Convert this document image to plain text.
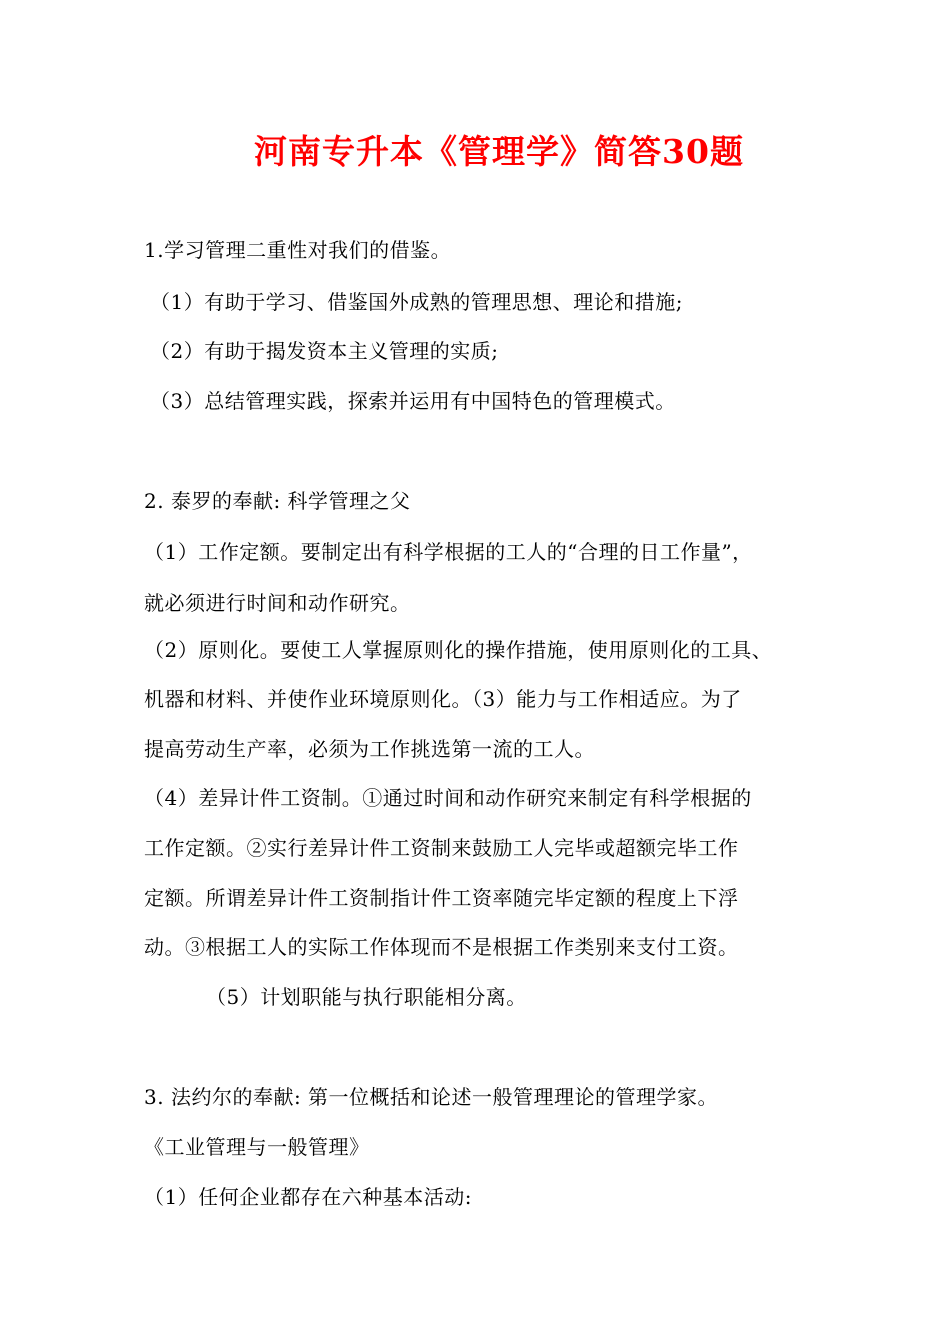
河南专升本《管理学》简答30题
1.学习管理二重性对我们的借鉴。
（1）有助于学习、借鉴国外成熟的管理思想、理论和措施;
（2）有助于揭发资本主义管理的实质;
（3）总结管理实践，探索并运用有中国特色的管理模式。
2. 泰罗的奉献: 科学管理之父
（1）工作定额。要制定出有科学根据的工人的“合理的日工作量”，
就必须进行时间和动作研究。
（2）原则化。要使工人掌握原则化的操作措施，使用原则化的工具、
机器和材料、并使作业环境原则化。（3）能力与工作相适应。为了
提高劳动生产率，必须为工作挑选第一流的工人。
（4）差异计件工资制。①通过时间和动作研究来制定有科学根据的
工作定额。②实行差异计件工资制来鼓励工人完毕或超额完毕工作
定额。所谓差异计件工资制指计件工资率随完毕定额的程度上下浮
动。③根据工人的实际工作体现而不是根据工作类别来支付工资。
（5）计划职能与执行职能相分离。
3. 法约尔的奉献: 第一位概括和论述一般管理理论的管理学家。
《工业管理与一般管理》
（1）任何企业都存在六种基本活动:
